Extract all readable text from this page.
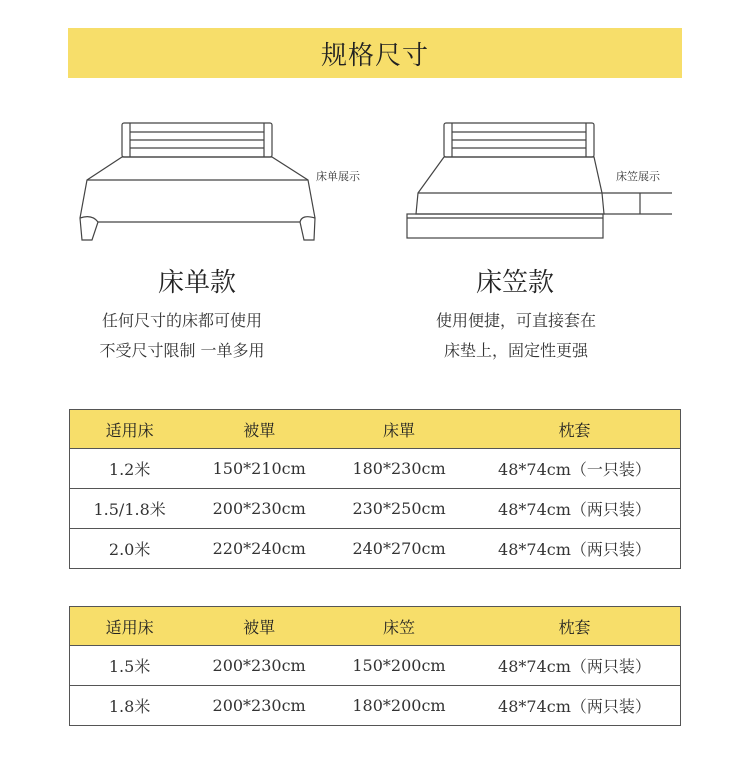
规格尺寸
床单展示	床笠展示
床单款	床笠款
任何尺寸的床都可使用
不受尺寸限制 一单多用
使用便捷，可直接套在
床垫上，固定性更强
适用床	被單	床單	枕套
1.2米	150*210cm	180*230cm	48*74cm（一只装）
1.5/1.8米	200*230cm	230*250cm	48*74cm（两只装）
2.0米	220*240cm	240*270cm	48*74cm（两只装）
适用床	被單	床笠	枕套
1.5米	200*230cm	150*200cm	48*74cm（两只装）
1.8米	200*230cm	180*200cm	48*74cm（两只装）
